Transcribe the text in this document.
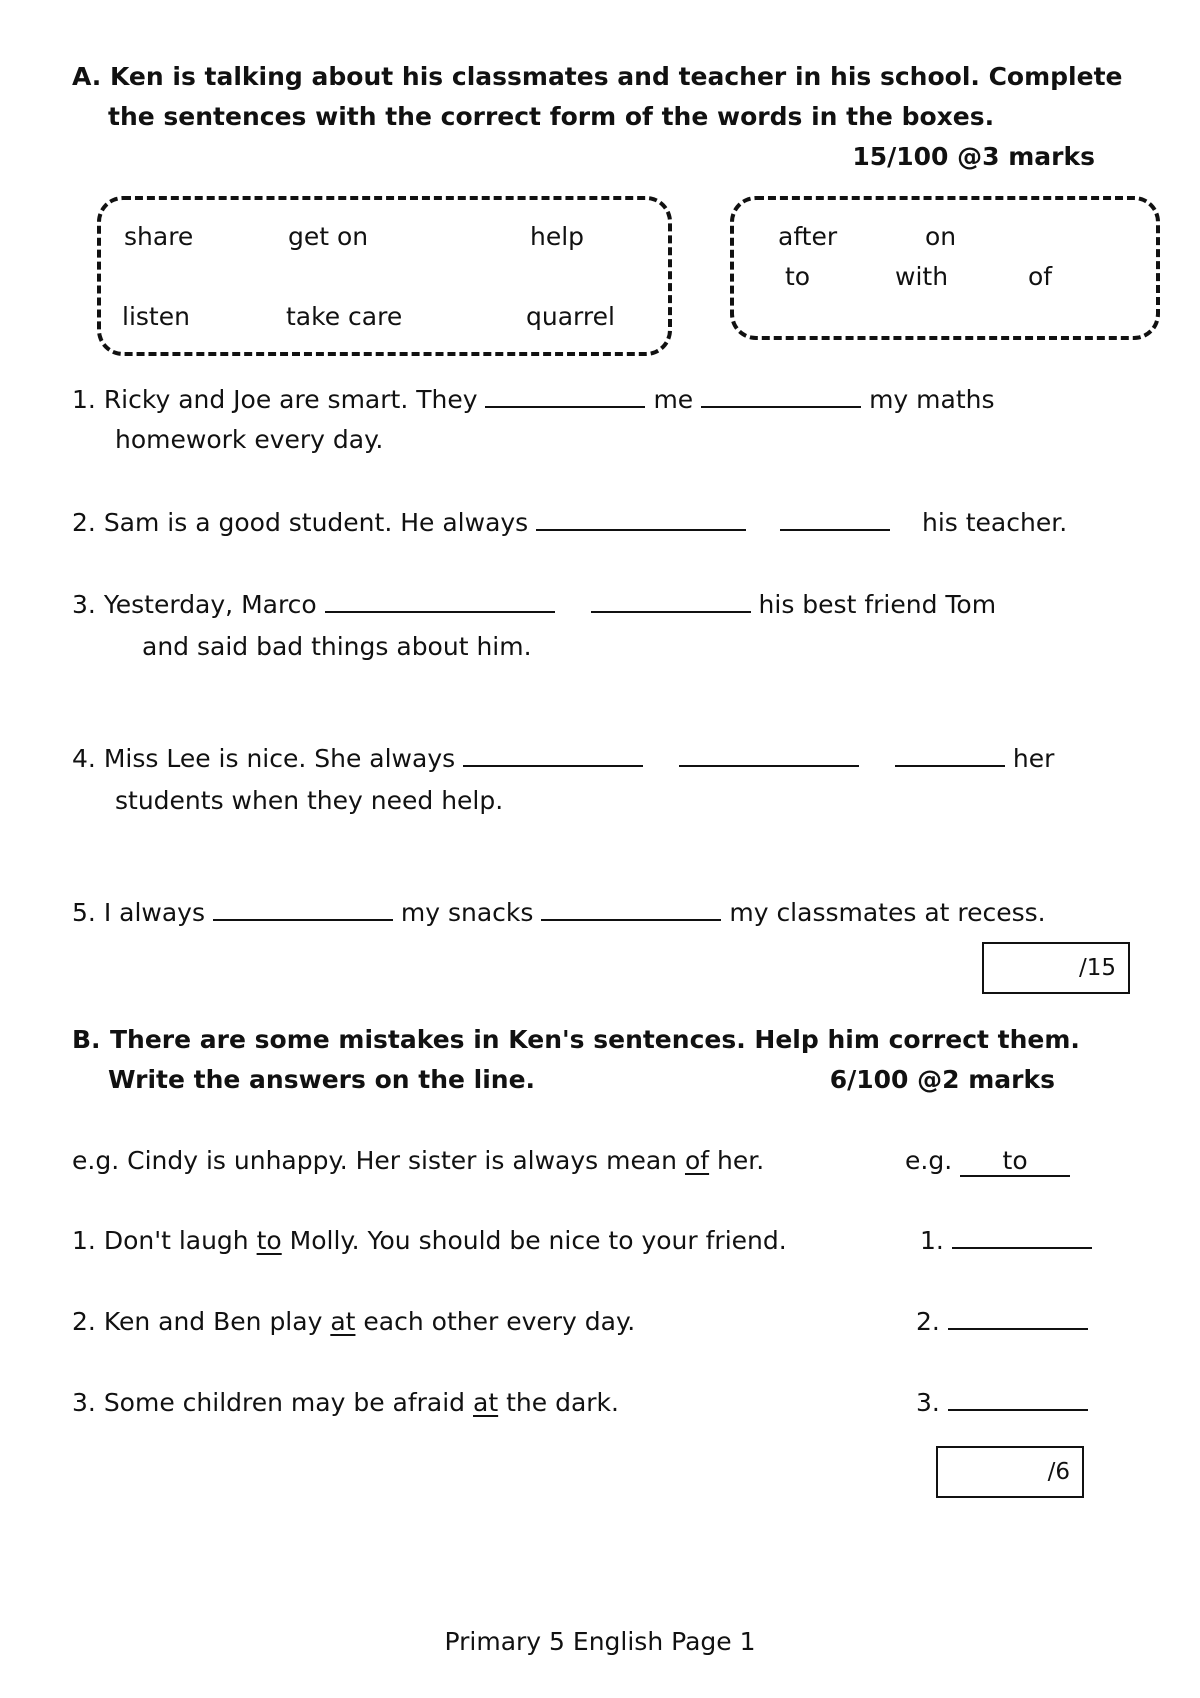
A. Ken is talking about his classmates and teacher in his school. Complete
the sentences with the correct form of the words in the boxes.
15/100 @3 marks
share	get on	help
listen	take care	quarrel
after	on
to	with	of
1. Ricky and Joe are smart. They	me	my maths
homework every day.
2. Sam is a good student. He always	his teacher.
3. Yesterday, Marco	his best friend Tom
and said bad things about him.
4. Miss Lee is nice. She always	her
students when they need help.
5. I always	my snacks	my classmates at recess.
/15
B. There are some mistakes in Ken's sentences. Help him correct them.
Write the answers on the line.	6/100 @2 marks
e.g. Cindy is unhappy. Her sister is always mean of her.	e.g. to
1. Don't laugh to Molly. You should be nice to your friend.	1.
2. Ken and Ben play at each other every day.	2.
3. Some children may be afraid at the dark.	3.
/6
Primary 5 English Page 1
